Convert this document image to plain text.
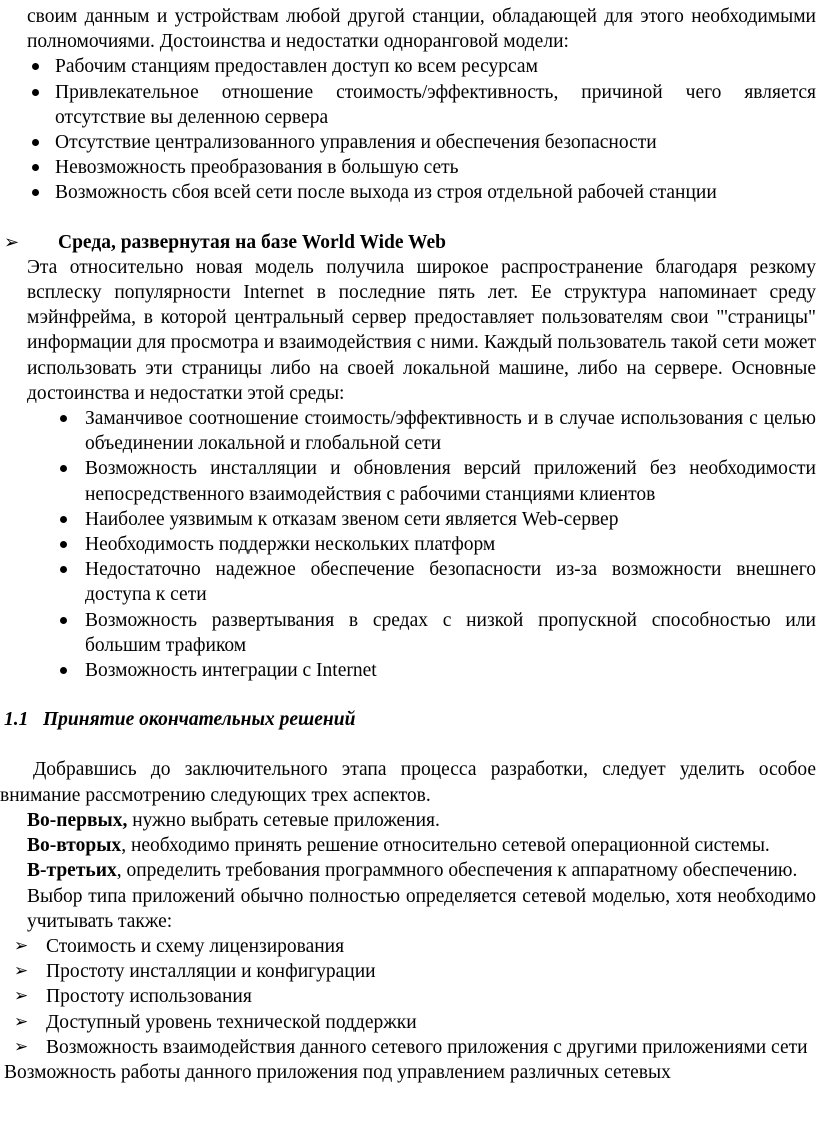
своим данным и устройствам любой другой станции, обладающей для этого необходимыми полномочиями. Достоинства и недостатки одноранговой модели:

Рабочим станциям предоставлен доступ ко всем ресурсам
Привлекательное отношение стоимость/эффективность, причиной чего является отсутствие вы деленною сервера
Отсутствие централизованного управления и обеспечения безопасности
Невозможность преобразования в большую сеть
Возможность сбоя всей сети после выхода из строя отдельной рабочей станции
➢ Среда, развернутая на базе World Wide Web

Эта относительно новая модель получила широкое распространение благодаря резкому всплеску популярности Internet в последние пять лет. Ее структура напоминает среду мэйнфрейма, в которой центральный сервер предоставляет пользователям свои "'страницы" информации для просмотра и взаимодействия с ними. Каждый пользователь такой сети может использовать эти страницы либо на своей локальной машине, либо на сервере. Основные достоинства и недостатки этой среды:

Заманчивое соотношение стоимость/эффективность и в случае использования с целью объединении локальной и глобальной сети
Возможность инсталляции и обновления версий приложений без необходимости непосредственного взаимодействия с рабочими станциями клиентов
Наиболее уязвимым к отказам звеном сети является Web-сервер
Необходимость поддержки нескольких платформ
Недостаточно надежное обеспечение безопасности из-за возможности внешнего доступа к сети
Возможность развертывания в средах с низкой пропускной способностью или большим трафиком
Возможность интеграции с Internet
1.1 Принятие окончательных решений

Добравшись до заключительного этапа процесса разработки, следует уделить особое внимание рассмотрению следующих трех аспектов.

Во-первых, нужно выбрать сетевые приложения.

Во-вторых, необходимо принять решение относительно сетевой операционной системы.

В-третьих, определить требования программного обеспечения к аппаратному обеспечению.

Выбор типа приложений обычно полностью определяется сетевой моделью, хотя необходимо учитывать также:

➢ Стоимость и схему лицензирования
➢ Простоту инсталляции и конфигурации
➢ Простоту использования
➢ Доступный уровень технической поддержки
➢ Возможность взаимодействия данного сетевого приложения с другими приложениями сети

Возможность работы данного приложения под управлением различных сетевых
